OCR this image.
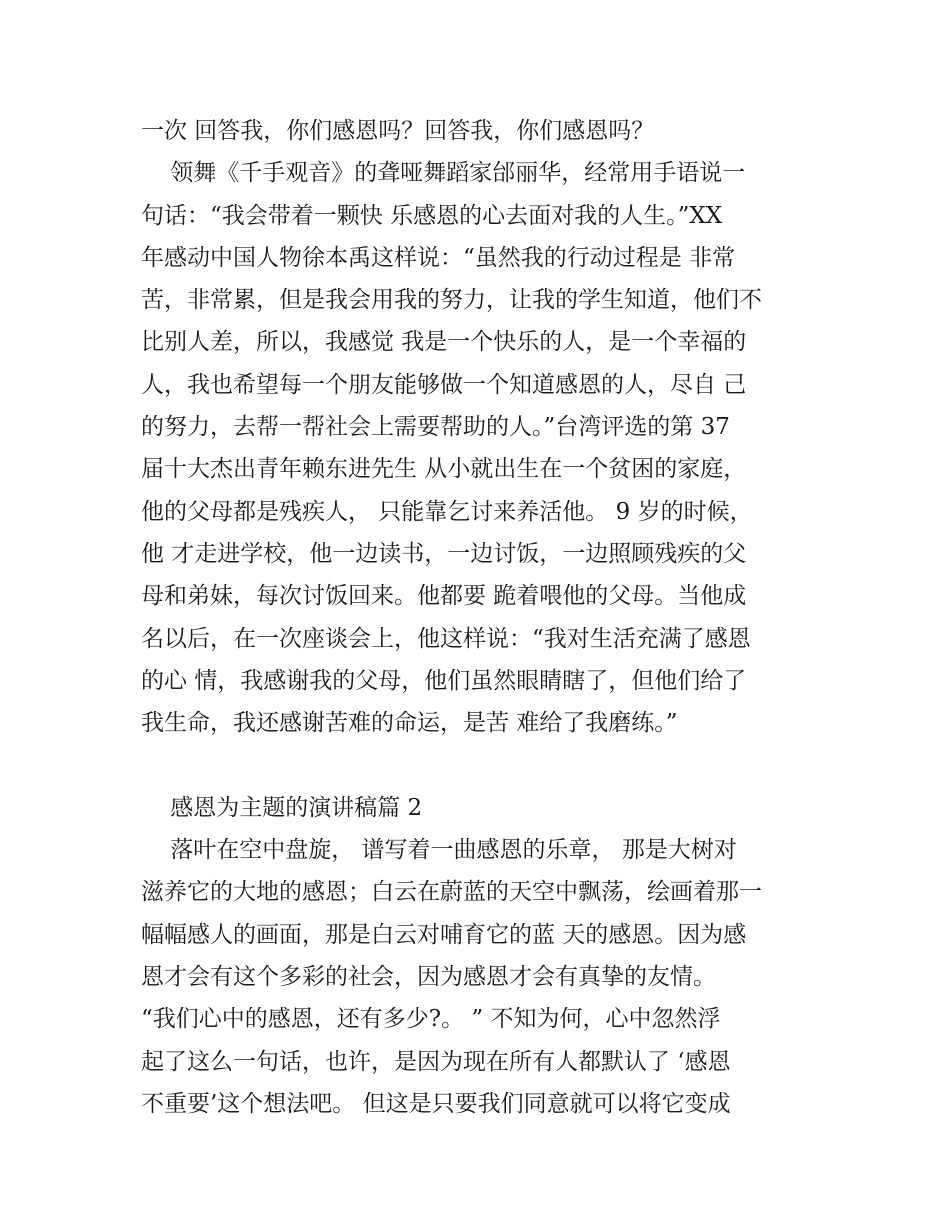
一次 回答我，你们感恩吗？回答我，你们感恩吗？
领舞《千手观音》的聋哑舞蹈家邰丽华，经常用手语说一
句话：“我会带着一颗快 乐感恩的心去面对我的人生。”XX
年感动中国人物徐本禹这样说：“虽然我的行动过程是 非常
苦，非常累，但是我会用我的努力，让我的学生知道，他们不
比别人差，所以，我感觉 我是一个快乐的人，是一个幸福的
人，我也希望每一个朋友能够做一个知道感恩的人，尽自 己
的努力，去帮一帮社会上需要帮助的人。”台湾评选的第 37
届十大杰出青年赖东进先生 从小就出生在一个贫困的家庭，
他的父母都是残疾人， 只能靠乞讨来养活他。 9 岁的时候，
他 才走进学校，他一边读书，一边讨饭，一边照顾残疾的父
母和弟妹，每次讨饭回来。他都要 跪着喂他的父母。当他成
名以后，在一次座谈会上，他这样说：“我对生活充满了感恩
的心 情，我感谢我的父母，他们虽然眼睛瞎了，但他们给了
我生命，我还感谢苦难的命运，是苦 难给了我磨练。”
感恩为主题的演讲稿篇 2
落叶在空中盘旋， 谱写着一曲感恩的乐章， 那是大树对
滋养它的大地的感恩；白云在蔚蓝的天空中飘荡，绘画着那一
幅幅感人的画面，那是白云对哺育它的蓝 天的感恩。因为感
恩才会有这个多彩的社会，因为感恩才会有真挚的友情。
“我们心中的感恩，还有多少?。 ” 不知为何，心中忽然浮
起了这么一句话，也许，是因为现在所有人都默认了 ‘感恩
不重要’这个想法吧。 但这是只要我们同意就可以将它变成
